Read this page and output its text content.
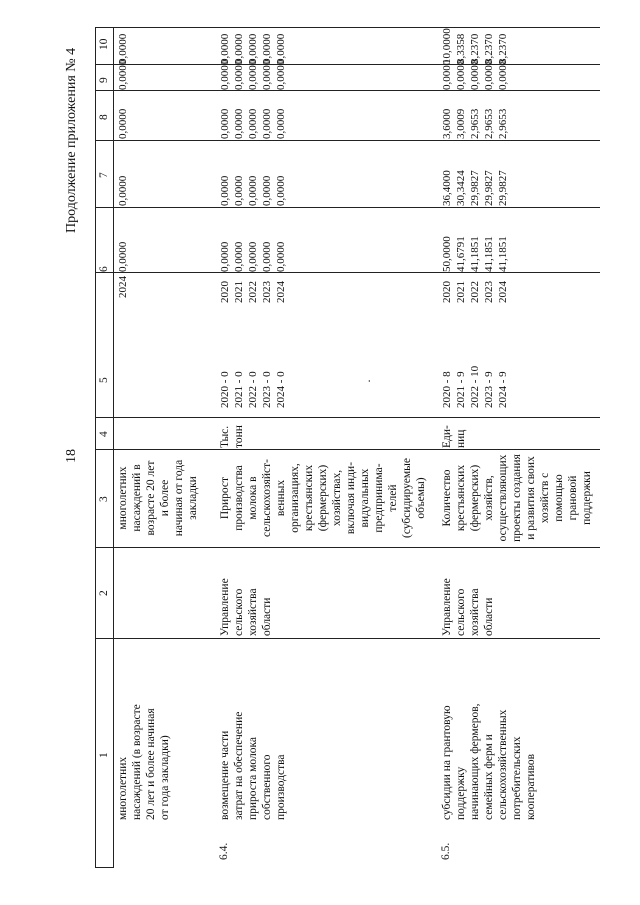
18
Продолжение приложения № 4
1
2
3
4
5
6
7
8
9
10
многолетних
насаждений (в возрасте
20 лет и более начиная
от года закладки)
многолетних
насаждений в
возрасте 20 лет
и более
начиная от года
закладки
2024
0,0000
0,0000
0,0000
0,0000
0,0000
6.4.
возмещение части
затрат на обеспечение
прироста молока
собственного
производства
Управление
сельского
хозяйства
области
Прирост
производства
молока в
сельскохозяйст-
венных
организациях,
крестьянских
(фермерских)
хозяйствах,
включая инди-
видуальных
предпринима-
телей
(субсидируемые
объемы)
Тыс.
тонн
2020 - 0 2021 - 0 2022 - 0 2023 - 0 2024 - 0
2020 2021 2022 2023 2024
0,0000 0,0000 0,0000 0,0000 0,0000
0,0000 0,0000 0,0000 0,0000 0,0000
0,0000 0,0000 0,0000 0,0000 0,0000
0,0000 0,0000 0,0000 0,0000 0,0000
0,0000 0,0000 0,0000 0,0000 0,0000
·
6.5.
субсидии на грантовую
поддержку
начинающих фермеров,
семейных ферм и
сельскохозяйственных
потребительских
кооперативов
Управление
сельского
хозяйства
области
Количество
крестьянских
(фермерских)
хозяйств,
осуществляющих
проекты создания
и развития своих
хозяйств с
помощью
грановой
поддержки
Еди-
ниц
2020 - 8 2021 - 9 2022 - 10 2023 - 9 2024 - 9
2020 2021 2022 2023 2024
50,0000 41,6791 41,1851 41,1851 41,1851
36,4000 30,3424 29,9827 29,9827 29,9827
3,6000 3,0009 2,9653 2,9653 2,9653
0,0000 0,0000 0,0000 0,0000 0,0000
10,0000 8,3358 8,2370 8,2370 8,2370
